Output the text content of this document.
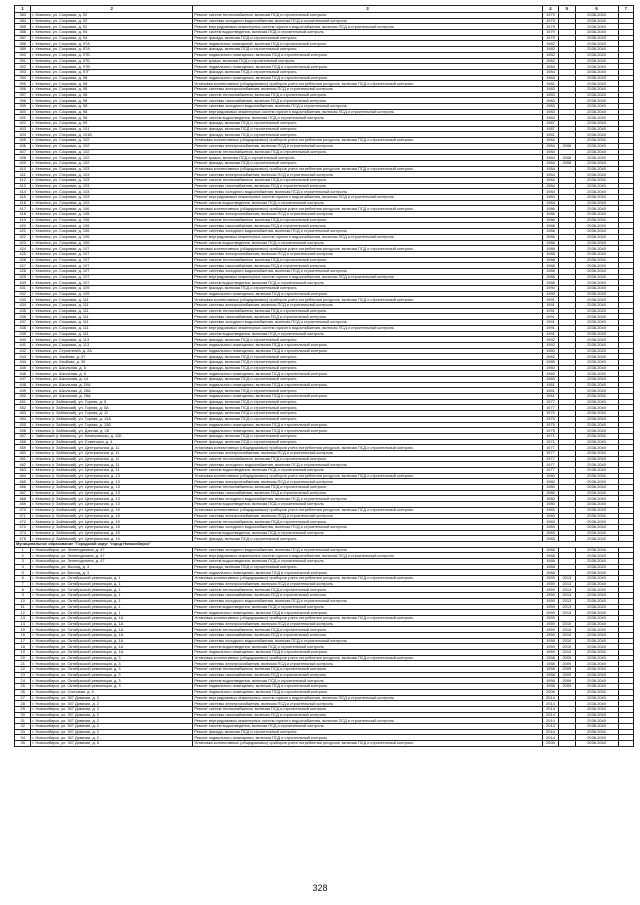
1	2	3	4	5	6	7
383	г. Кеминск, ул. Сокровая, д. 92	Ремонт систем теплоснабжения, включая ПСД и строительный контроль	1979		2038-2040	
384	г. Кеминск, ул. Сокровая, д. 92	Ремонт системы холодного водоснабжения, включая ПСД и строительный контроль	1979		2038-2040	
385	г. Кеминск, ул. Сокровая, д. 92	Ремонт внутридомовых инженерных систем горячего водоснабжения, включая ПСД и строительный контроль	1979		2038-2040	
386	г. Кеминск, ул. Сокровая, д. 94	Ремонт систем водоотведения, включая ПСД и строительный контроль	1979		2038-2040	
387	г. Кеминск, ул. Сокровая, д. 94	Ремонт фасада, включая ПСД и строительный контроль	1979		2038-2040	
388	г. Кеминск, ул. Сокровая, д. 97А	Ремонт подвальных помещений, включая ПСД и строительный контроль	1982		2038-2040	
389	г. Кеминск, ул. Сокровая, д. 97А	Ремонт фасада, включая ПСД и строительный контроль	1982		2038-2040	
390	г. Кеминск, ул. Сокровая, д. 97Б	Ремонт подвального помещения, включая ПСД и строительный контроль	1982		2038-2040	
391	г. Кеминск, ул. Сокровая, д. 97Б	Ремонт крыши, включая ПСД и строительный контроль	1982		2038-2040	
392	г. Кеминск, ул. Сокровая, д. 97В	Ремонт подвального помещения, включая ПСД и строительный контроль	1984		2038-2040	
393	г. Кеминск, ул. Сокровая, д. 97Г	Ремонт фасада, включая ПСД и строительный контроль	1984		2038-2040	
394	г. Кеминск, ул. Сокровая, д. 98	Ремонт подвального помещения, включая ПСД и строительный контроль	1984		2038-2040	
395	г. Кеминск, ул. Сокровая, д. 98	Установка коллективных (общедомовых) приборов учета потребления ресурсов, включая ПСД и строительный контроль	1981		2038-2040	
396	г. Кеминск, ул. Сокровая, д. 98	Ремонт системы электроснабжения, включая ПСД и строительный контроль	1983		2038-2040	
397	г. Кеминск, ул. Сокровая, д. 98	Ремонт систем теплоснабжения, включая ПСД и строительный контроль	1983		2038-2040	
398	г. Кеминск, ул. Сокровая, д. 98	Ремонт системы газоснабжения, включая ПСД и строительный контроль	1983		2038-2040	
399	г. Кеминск, ул. Сокровая, д. 98	Ремонт системы холодного водоснабжения, включая ПСД и строительный контроль	1983		2038-2040	
400	г. Кеминск, ул. Сокровая, д. 98	Ремонт внутридомовых инженерных систем горячего водоснабжения, включая ПСД и строительный контроль	1983		2038-2040	
401	г. Кеминск, ул. Сокровая, д. 98	Ремонт систем водоотведения, включая ПСД и строительный контроль	1983		2038-2040	
402	г. Кеминск, ул. Сокровая, д. 99	Ремонт фасада, включая ПСД и строительный контроль	1987		2038-2040	
403	г. Кеминск, ул. Сокровая, д. 101	Ремонт фасада, включая ПСД и строительный контроль	1987		2038-2040	
404	г. Кеминск, ул. Сокровая, д. 101Б	Ремонт фасада, включая ПСД и строительный контроль	1981		2038-2040	
405	г. Кеминск, ул. Сокровая, д. 102	Установка коллективных (общедомовых) приборов учета потребления ресурсов, включая ПСД и строительный контроль	1984		2038-2040	
406	г. Кеминск, ул. Сокровая, д. 102	Ремонт системы электроснабжения, включая ПСД и строительный контроль	1984	2008	2038-2040	
407	г. Кеминск, ул. Сокровая, д. 102	Ремонт систем теплоснабжения, включая ПСД и строительный контроль	1984		2038-2040	
408	г. Кеминск, ул. Сокровая, д. 102	Ремонт крыши, включая ПСД и строительный контроль	1984	2008	2038-2040	
409	г. Кеминск, ул. Сокровая, д. 102	Ремонт фасада, включая ПСД и строительный контроль	1984	2008	2038-2040	
410	г. Кеминск, ул. Сокровая, д. 103	Установка коллективных (общедомовых) приборов учета потребления ресурсов, включая ПСД и строительный контроль	1984		2038-2040	
411	г. Кеминск, ул. Сокровая, д. 103	Ремонт системы электроснабжения, включая ПСД и строительный контроль	1984		2038-2040	
412	г. Кеминск, ул. Сокровая, д. 103	Ремонт систем теплоснабжения, включая ПСД и строительный контроль	1984		2038-2040	
413	г. Кеминск, ул. Сокровая, д. 103	Ремонт системы газоснабжения, включая ПСД и строительный контроль	1984		2038-2040	
414	г. Кеминск, ул. Сокровая, д. 103	Ремонт системы холодного водоснабжения, включая ПСД и строительный контроль	1984		2038-2040	
415	г. Кеминск, ул. Сокровая, д. 103	Ремонт внутридомовых инженерных систем горячего водоснабжения, включая ПСД и строительный контроль	1984		2038-2040	
416	г. Кеминск, ул. Сокровая, д. 103	Ремонт систем водоотведения, включая ПСД и строительный контроль	1984		2038-2040	
417	г. Кеминск, ул. Сокровая, д. 106	Установка коллективных (общедомовых) приборов учета потребления ресурсов, включая ПСД и строительный контроль	1986		2038-2040	
418	г. Кеминск, ул. Сокровая, д. 106	Ремонт системы электроснабжения, включая ПСД и строительный контроль	1986		2038-2040	
419	г. Кеминск, ул. Сокровая, д. 106	Ремонт систем теплоснабжения, включая ПСД и строительный контроль	1986		2038-2040	
420	г. Кеминск, ул. Сокровая, д. 106	Ремонт системы газоснабжения, включая ПСД и строительный контроль	1986		2038-2040	
421	г. Кеминск, ул. Сокровая, д. 106	Ремонт системы холодного водоснабжения, включая ПСД и строительный контроль	1986		2038-2040	
422	г. Кеминск, ул. Сокровая, д. 106	Ремонт внутридомовых инженерных систем горячего водоснабжения, включая ПСД и строительный контроль	1986		2038-2040	
423	г. Кеминск, ул. Сокровая, д. 106	Ремонт систем водоотведения, включая ПСД и строительный контроль	1986		2038-2040	
424	г. Кеминск, ул. Сокровая, д. 107	Установка коллективных (общедомовых) приборов учета потребления ресурсов, включая ПСД и строительный контроль	1988		2038-2040	
425	г. Кеминск, ул. Сокровая, д. 107	Ремонт системы электроснабжения, включая ПСД и строительный контроль	1988		2038-2040	
426	г. Кеминск, ул. Сокровая, д. 107	Ремонт систем теплоснабжения, включая ПСД и строительный контроль	1988		2038-2040	
427	г. Кеминск, ул. Сокровая, д. 107	Ремонт системы газоснабжения, включая ПСД и строительный контроль	1988		2038-2040	
428	г. Кеминск, ул. Сокровая, д. 107	Ремонт системы холодного водоснабжения, включая ПСД и строительный контроль	1988		2038-2040	
429	г. Кеминск, ул. Сокровая, д. 107	Ремонт внутридомовых инженерных систем горячего водоснабжения, включая ПСД и строительный контроль	1988		2038-2040	
430	г. Кеминск, ул. Сокровая, д. 107	Ремонт систем водоотведения, включая ПСД и строительный контроль	1988		2038-2040	
431	г. Кеминск, ул. Сокровая, д. 109	Ремонт фасада, включая ПСД и строительный контроль	1990		2038-2040	
432	г. Кеминск, ул. Сокровая, д. 109	Ремонт подвального помещения, включая ПСД и строительный контроль	1990		2038-2040	
433	г. Кеминск, ул. Сокровая, д. 111	Установка коллективных (общедомовых) приборов учета потребления ресурсов, включая ПСД и строительный контроль	1991		2038-2040	
434	г. Кеминск, ул. Сокровая, д. 111	Ремонт системы электроснабжения, включая ПСД и строительный контроль	1991		2038-2040	
435	г. Кеминск, ул. Сокровая, д. 111	Ремонт систем теплоснабжения, включая ПСД и строительный контроль	1991		2038-2040	
436	г. Кеминск, ул. Сокровая, д. 111	Ремонт системы газоснабжения, включая ПСД и строительный контроль	1991		2038-2040	
437	г. Кеминск, ул. Сокровая, д. 111	Ремонт системы холодного водоснабжения, включая ПСД и строительный контроль	1991		2038-2040	
438	г. Кеминск, ул. Сокровая, д. 111	Ремонт внутридомовых инженерных систем горячего водоснабжения, включая ПСД и строительный контроль	1991		2038-2040	
439	г. Кеминск, ул. Сокровая, д. 111	Ремонт систем водоотведения, включая ПСД и строительный контроль	1991		2038-2040	
440	г. Кеминск, ул. Сокровая, д. 113	Ремонт фасада, включая ПСД и строительный контроль	1992		2038-2040	
441	г. Кеминск, ул. Сокровая, д. 113	Ремонт подвального помещения, включая ПСД и строительный контроль	1992		2038-2040	
442	г. Кеминск, ул. Строителей, д. 2А	Ремонт подвального помещения, включая ПСД и строительный контроль	1980		2038-2040	
443	г. Кеминск, ул. Хвойная, д. 37	Ремонт фасада, включая ПСД и строительный контроль	1982		2038-2040	
444	г. Кеминск, ул. Хвойная, д. 39	Ремонт фасада, включая ПСД и строительный контроль	1985		2038-2040	
445	г. Кеминск, ул. Школьная, д. 6	Ремонт фасада, включая ПСД и строительный контроль	1960		2038-2040	
446	г. Кеминск, ул. Школьная, д. 8	Ремонт подвального помещения, включая ПСД и строительный контроль	1960		2038-2040	
447	г. Кеминск, ул. Школьная, д. 14	Ремонт фасада, включая ПСД и строительный контроль	1960		2038-2040	
448	г. Кеминск, ул. Школьная, д. 20А	Ремонт подвального помещения, включая ПСД и строительный контроль	1961		2038-2040	
449	г. Кеминск, ул. Школьная, д. 26А	Ремонт фасада, включая ПСД и строительный контроль	1961		2038-2040	
450	г. Кеминск, ул. Школьная, д. 28А	Ремонт подвального помещения, включая ПСД и строительный контроль	1961		2038-2040	
451	г. Кеминск (г. Зайниский), ул. Горная, д. 5	Ремонт фасада, включая ПСД и строительный контроль	1977		2038-2040	
452	г. Кеминск (г. Зайниский), ул. Горная, д. 5А	Ремонт фасада, включая ПСД и строительный контроль	1977		2038-2040	
453	г. Кеминск (г. Зайниский), ул. Горная, д. 11	Ремонт фасада, включая ПСД и строительный контроль	1975		2038-2040	
454	г. Кеминск (г. Зайниский), ул. Горная, д. 13А	Ремонт фасада, включая ПСД и строительный контроль	1975		2038-2040	
455	г. Кеминск (г. Зайниский), ул. Горная, д. 13Б	Ремонт подвального помещения, включая ПСД и строительный контроль	1975		2038-2040	
456	г. Кеминск (г. Зайниский), ул. Дачная, д. 28	Ремонт подвального помещения, включая ПСД и строительный контроль	1975		2038-2040	
457	г. Зайниский (г. Кеминск), ул. Кемеровская, д. 11Б	Ремонт фасада, включая ПСД и строительный контроль	1971		2038-2040	
458	г. Кеминск (г. Зайниский), ул. Советская, д. 4	Ремонт фасада, включая ПСД и строительный контроль	1971		2038-2040	
459	г. Кеминск (г. Зайниский), ул. Центральная, д. 11	Установка коллективных (общедомовых) приборов учета потребления ресурсов, включая ПСД и строительный контроль	1977		2038-2040	
460	г. Кеминск (г. Зайниский), ул. Центральная, д. 11	Ремонт системы электроснабжения, включая ПСД и строительный контроль	1977		2038-2040	
461	г. Кеминск (г. Зайниский), ул. Центральная, д. 11	Ремонт систем теплоснабжения, включая ПСД и строительный контроль	1977		2038-2040	
462	г. Кеминск (г. Зайниский), ул. Центральная, д. 11	Ремонт системы холодного водоснабжения, включая ПСД и строительный контроль	1977		2038-2040	
463	г. Кеминск (г. Зайниский), ул. Центральная, д. 11	Ремонт систем водоотведения, включая ПСД и строительный контроль	1977		2038-2040	
464	г. Кеминск (г. Зайниский), ул. Центральная, д. 13	Установка коллективных (общедомовых) приборов учета потребления ресурсов, включая ПСД и строительный контроль	1980		2038-2040	
465	г. Кеминск (г. Зайниский), ул. Центральная, д. 13	Ремонт системы электроснабжения, включая ПСД и строительный контроль	1980		2038-2040	
466	г. Кеминск (г. Зайниский), ул. Центральная, д. 13	Ремонт систем теплоснабжения, включая ПСД и строительный контроль	1980		2038-2040	
467	г. Кеминск (г. Зайниский), ул. Центральная, д. 13	Ремонт системы газоснабжения, включая ПСД и строительный контроль	1980		2038-2040	
468	г. Кеминск (г. Зайниский), ул. Центральная, д. 13	Ремонт системы холодного водоснабжения, включая ПСД и строительный контроль	1980		2038-2040	
469	г. Кеминск (г. Зайниский), ул. Центральная, д. 13	Ремонт систем водоотведения, включая ПСД и строительный контроль	1980		2038-2040	
470	г. Кеминск (г. Зайниский), ул. Центральная, д. 15	Установка коллективных (общедомовых) приборов учета потребления ресурсов, включая ПСД и строительный контроль	1983		2038-2040	
471	г. Кеминск (г. Зайниский), ул. Центральная, д. 15	Ремонт системы электроснабжения, включая ПСД и строительный контроль	1983		2038-2040	
472	г. Кеминск (г. Зайниский), ул. Центральная, д. 15	Ремонт систем теплоснабжения, включая ПСД и строительный контроль	1983		2038-2040	
473	г. Кеминск (г. Зайниский), ул. Центральная, д. 15	Ремонт системы холодного водоснабжения, включая ПСД и строительный контроль	1983		2038-2040	
474	г. Кеминск (г. Зайниский), ул. Центральная, д. 15	Ремонт систем водоотведения, включая ПСД и строительный контроль	1983		2038-2040	
475	г. Кеминск (г. Зайниский), ул. Центральная, д. 15	Ремонт фасада, включая ПСД и строительный контроль	1983		2038-2040	
Муниципальное образование "Городской округ "город Новосибирск"						
1	г. Новосибирск, ул. Зеленодолина, д. 47	Ремонт системы холодного водоснабжения, включая ПСД и строительный контроль	1968		2038-2040	
2	г. Новосибирск, ул. Зеленодолина, д. 47	Ремонт внутридомовых инженерных систем горячего водоснабжения, включая ПСД и строительный контроль	1968		2038-2040	
3	г. Новосибирск, ул. Зеленодолина, д. 47	Ремонт систем водоотведения, включая ПСД и строительный контроль	1968		2038-2040	
4	г. Новосибирск, ул. Восход, д. 3	Ремонт фасада, включая ПСД и строительный контроль	1968		2038-2040	
5	г. Новосибирск, ул. Восход, д. 3	Ремонт подвального помещения, включая ПСД и строительный контроль	1968		2038-2040	
6	г. Новосибирск, ул. Октябрьской революции, д. 1	Установка коллективных (общедомовых) приборов учета потребления ресурсов, включая ПСД и строительный контроль	1959	2013	2038-2040	
7	г. Новосибирск, ул. Октябрьской революции, д. 1	Ремонт системы электроснабжения, включая ПСД и строительный контроль	1959	2013	2038-2040	
8	г. Новосибирск, ул. Октябрьской революции, д. 1	Ремонт систем теплоснабжения, включая ПСД и строительный контроль	1959	2013	2038-2040	
9	г. Новосибирск, ул. Октябрьской революции, д. 1	Ремонт системы газоснабжения, включая ПСД и строительный контроль	1959	2013	2038-2040	
10	г. Новосибирск, ул. Октябрьской революции, д. 1	Ремонт системы холодного водоснабжения, включая ПСД и строительный контроль	1959	2013	2038-2040	
11	г. Новосибирск, ул. Октябрьской революции, д. 1	Ремонт систем водоотведения, включая ПСД и строительный контроль	1959	2013	2038-2040	
12	г. Новосибирск, ул. Октябрьской революции, д. 1	Ремонт подвального помещения, включая ПСД и строительный контроль	1959	2013	2038-2040	
13	г. Новосибирск, ул. Октябрьской революции, д. 1А	Установка коллективных (общедомовых) приборов учета потребления ресурсов, включая ПСД и строительный контроль	1959		2038-2040	
14	г. Новосибирск, ул. Октябрьской революции, д. 1А	Ремонт системы электроснабжения, включая ПСД и строительный контроль	1959	2010	2038-2040	
15	г. Новосибирск, ул. Октябрьской революции, д. 1А	Ремонт систем теплоснабжения, включая ПСД и строительный контроль	1959	2010	2038-2040	
16	г. Новосибирск, ул. Октябрьской революции, д. 1А	Ремонт системы газоснабжения, включая ПСД и строительный контроль	1959	2010	2038-2040	
17	г. Новосибирск, ул. Октябрьской революции, д. 1А	Ремонт системы холодного водоснабжения, включая ПСД и строительный контроль	1959	2010	2038-2040	
18	г. Новосибирск, ул. Октябрьской революции, д. 1А	Ремонт систем водоотведения, включая ПСД и строительный контроль	1959	2010	2038-2040	
19	г. Новосибирск, ул. Октябрьской революции, д. 1А	Ремонт подвального помещения, включая ПСД и строительный контроль	1959	2010	2038-2040	
20	г. Новосибирск, ул. Октябрьской революции, д. 3	Установка коллективных (общедомовых) приборов учета потребления ресурсов, включая ПСД и строительный контроль	1958	2009	2038-2040	
21	г. Новосибирск, ул. Октябрьской революции, д. 3	Ремонт системы электроснабжения, включая ПСД и строительный контроль	1958	2009	2038-2040	
22	г. Новосибирск, ул. Октябрьской революции, д. 3	Ремонт систем теплоснабжения, включая ПСД и строительный контроль	1958	2009	2038-2040	
23	г. Новосибирск, ул. Октябрьской революции, д. 3	Ремонт системы газоснабжения, включая ПСД и строительный контроль	1958	2009	2038-2040	
24	г. Новосибирск, ул. Октябрьской революции, д. 3	Ремонт систем водоотведения, включая ПСД и строительный контроль	1958	2009	2038-2040	
25	г. Новосибирск, ул. Октябрьской революции, д. 3	Ремонт подвального помещения, включая ПСД и строительный контроль	1958	2009	2038-2040	
26	г. Новосибирск, ул. Сосновая, д. 9	Ремонт подвального помещения, включая ПСД и строительный контроль	2006		2038-2040	
27	г. Новосибирск, ул. 307 Дивизии, д. 2	Ремонт внутридомовых инженерных систем горячего водоснабжения, включая ПСД и строительный контроль	2014		2038-2040	
28	г. Новосибирск, ул. 307 Дивизии, д. 2	Ремонт системы электроснабжения, включая ПСД и строительный контроль	2014		2038-2040	
29	г. Новосибирск, ул. 307 Дивизии, д. 2	Ремонт систем теплоснабжения, включая ПСД и строительный контроль	2014		2038-2040	
30	г. Новосибирск, ул. 307 Дивизии, д. 2	Ремонт системы газоснабжения, включая ПСД и строительный контроль	2014		2038-2040	
31	г. Новосибирск, ул. 307 Дивизии, д. 2	Ремонт внутридомовых инженерных систем горячего водоснабжения, включая ПСД и строительный контроль	2014		2038-2040	
32	г. Новосибирск, ул. 307 Дивизии, д. 2	Ремонт систем водоотведения, включая ПСД и строительный контроль	2014		2038-2040	
33	г. Новосибирск, ул. 307 Дивизии, д. 2	Ремонт фасада, включая ПСД и строительный контроль	2014		2038-2040	
34	г. Новосибирск, ул. 307 Дивизии, д. 2	Ремонт подвального помещения, включая ПСД и строительный контроль	2014		2038-2040	
35	г. Новосибирск, ул. 307 Дивизии, д. 6	Установка коллективных (общедомовых) приборов учета потребления ресурсов, включая ПСД и строительный контроль	2005		2038-2040	
328
